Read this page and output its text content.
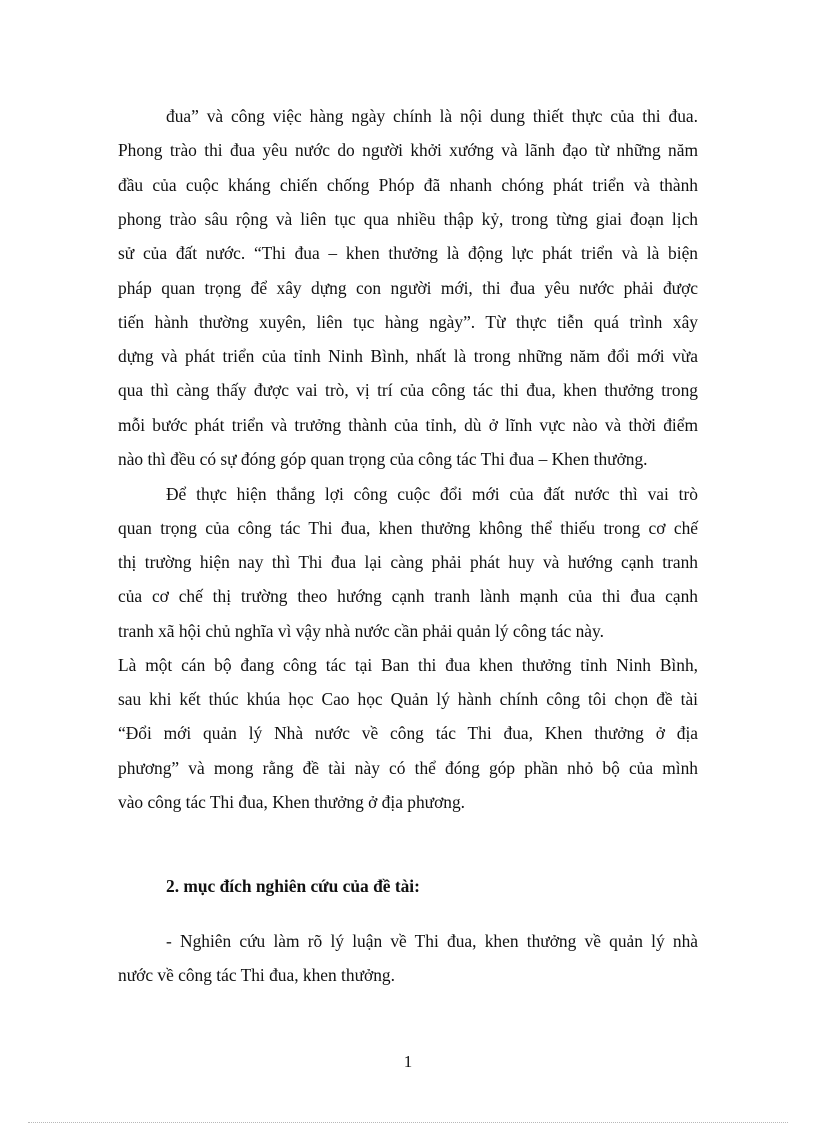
đua” và công việc hàng ngày chính là nội dung thiết thực của thi đua.
Phong trào thi đua yêu nước do người khởi xướng và lãnh đạo từ những năm
đầu của cuộc kháng chiến chống Phóp đã nhanh chóng phát triển và thành
phong trào sâu rộng và liên tục qua nhiều thập kỷ, trong từng giai đoạn lịch
sử của đất nước. “Thi đua – khen thưởng là động lực phát triển và là biện
pháp quan trọng để xây dựng con người mới, thi đua yêu nước phải được
tiến hành thường xuyên, liên tục hàng ngày”. Từ thực tiễn quá trình xây
dựng và phát triển của tỉnh Ninh Bình, nhất là trong những năm đổi mới vừa
qua thì càng thấy được vai trò, vị trí của công tác thi đua, khen thưởng trong
mỗi bước phát triển và trưởng thành của tỉnh, dù ở lĩnh vực nào và thời điểm
nào thì đều có sự đóng góp quan trọng của công tác Thi đua – Khen thưởng.
Để thực hiện thắng lợi công cuộc đổi mới của đất nước thì vai trò
quan trọng của công tác Thi đua, khen thưởng không thể thiếu trong cơ chế
thị trường hiện nay thì Thi đua lại càng phải phát huy và hướng cạnh tranh
của cơ chế thị trường theo hướng cạnh tranh lành mạnh của thi đua cạnh
tranh xã hội chủ nghĩa vì vậy nhà nước cần phải quản lý công tác này.
Là một cán bộ đang công tác tại Ban thi đua khen thưởng tỉnh Ninh Bình,
sau khi kết thúc khúa học Cao học Quản lý hành chính công tôi chọn đề tài
“Đổi mới quản lý Nhà nước về công tác Thi đua, Khen thưởng ở địa
phương” và mong rằng đề tài này có thể đóng góp phần nhỏ bộ của mình
vào công tác Thi đua, Khen thưởng ở địa phương.
2. mục đích nghiên cứu của đề tài:
- Nghiên cứu làm rõ lý luận về Thi đua, khen thưởng về quản lý nhà
nước về công tác Thi đua, khen thưởng.
1
